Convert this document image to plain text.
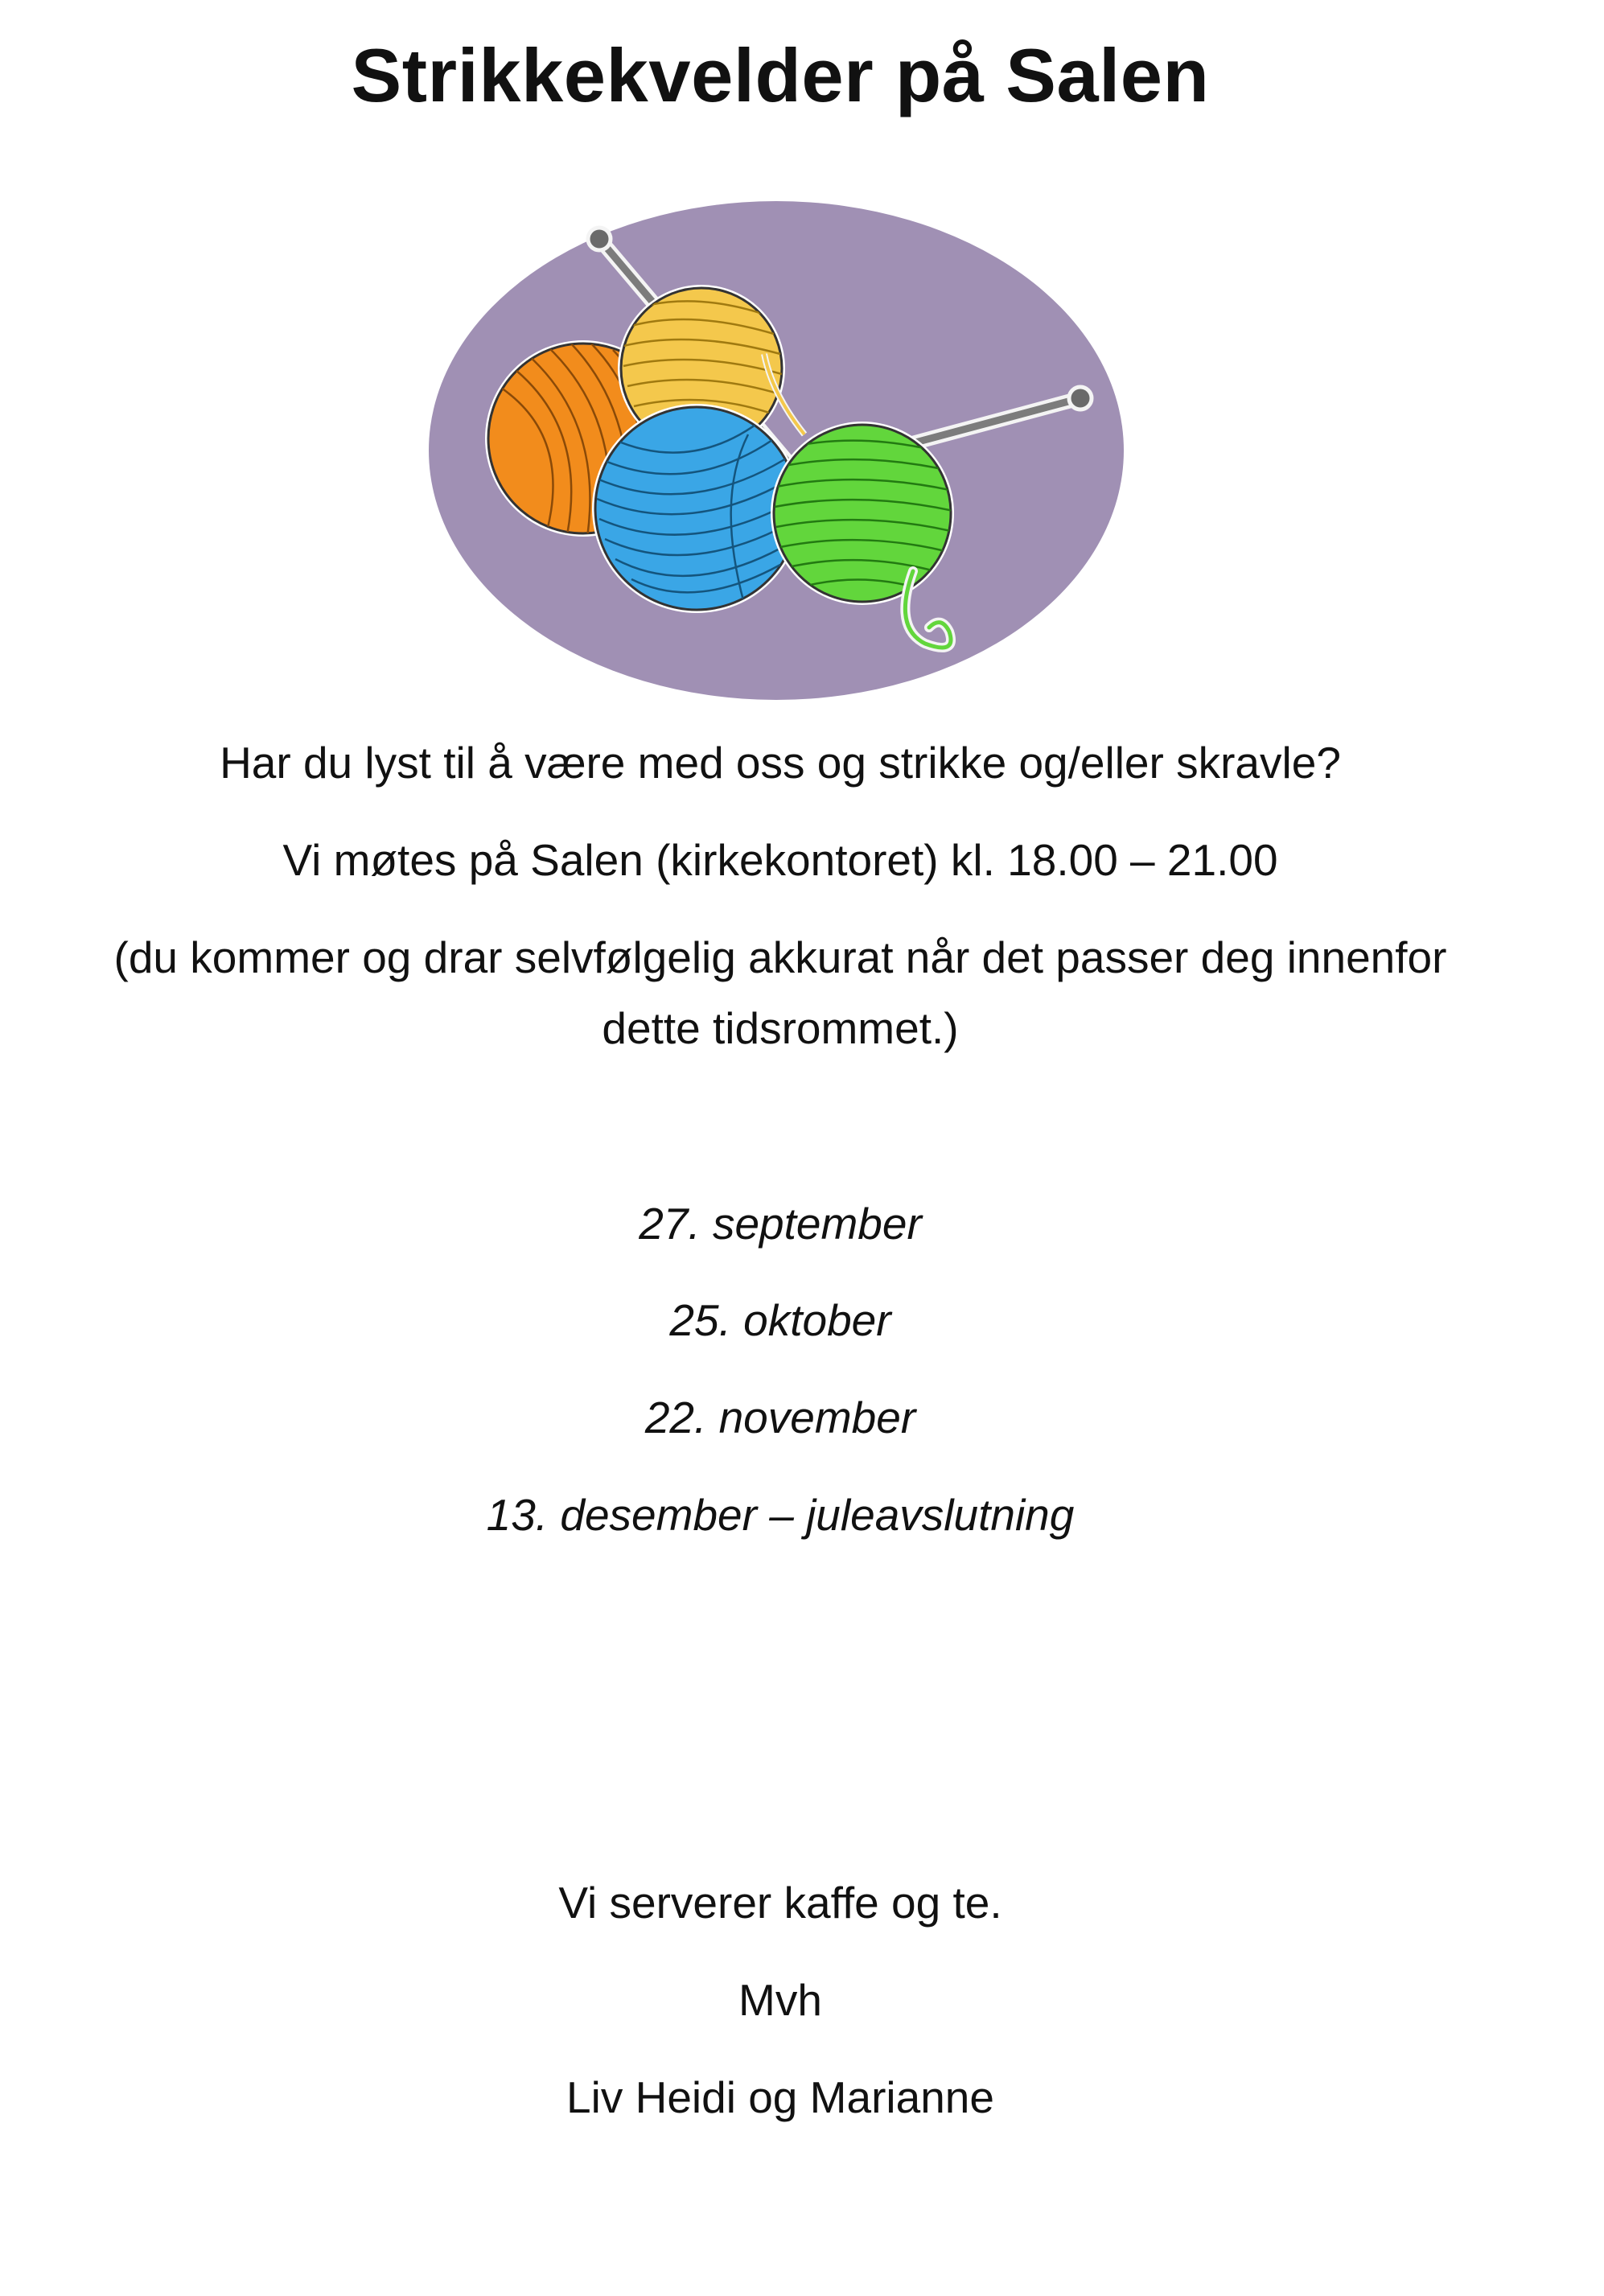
Strikkekvelder på Salen

Har du lyst til å være med oss og strikke og/eller skravle?

Vi møtes på Salen (kirkekontoret) kl. 18.00 – 21.00

(du kommer og drar selvfølgelig akkurat når det passer deg innenfor

dette tidsrommet.)

27. september

25. oktober

22. november

13. desember – juleavslutning

Vi serverer kaffe og te.

Mvh

Liv Heidi og Marianne
